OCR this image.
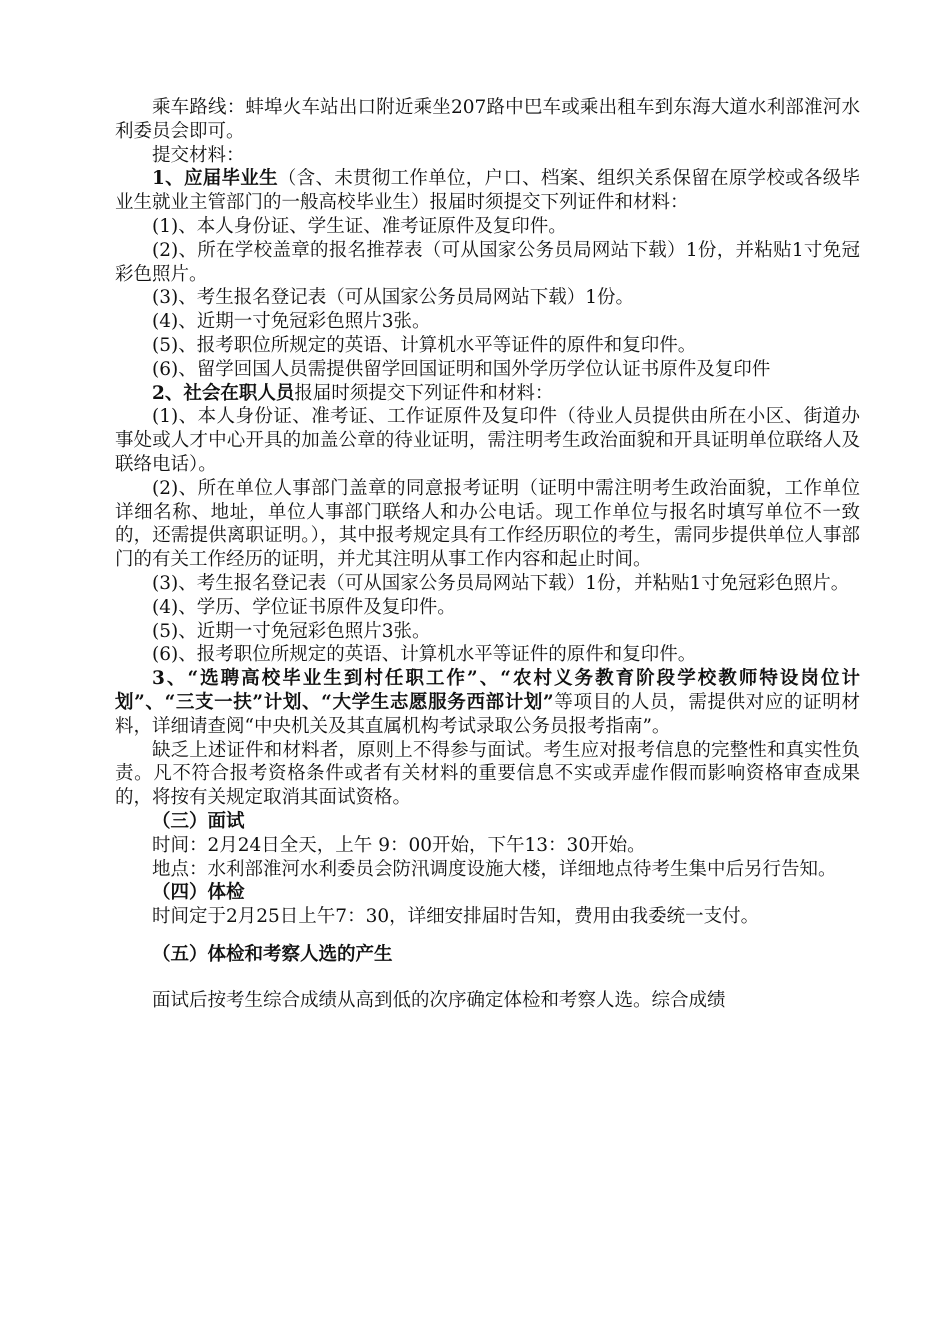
乘车路线：蚌埠火车站出口附近乘坐207路中巴车或乘出租车到东海大道水利部淮河水利委员会即可。

提交材料：

1、应届毕业生（含、未贯彻工作单位，户口、档案、组织关系保留在原学校或各级毕业生就业主管部门的一般高校毕业生）报届时须提交下列证件和材料：

(1)、本人身份证、学生证、准考证原件及复印件。

(2)、所在学校盖章的报名推荐表（可从国家公务员局网站下载）1份，并粘贴1寸免冠彩色照片。

(3)、考生报名登记表（可从国家公务员局网站下载）1份。

(4)、近期一寸免冠彩色照片3张。

(5)、报考职位所规定的英语、计算机水平等证件的原件和复印件。

(6)、留学回国人员需提供留学回国证明和国外学历学位认证书原件及复印件

2、社会在职人员报届时须提交下列证件和材料：

(1)、本人身份证、准考证、工作证原件及复印件（待业人员提供由所在小区、街道办事处或人才中心开具的加盖公章的待业证明，需注明考生政治面貌和开具证明单位联络人及联络电话）。

(2)、所在单位人事部门盖章的同意报考证明（证明中需注明考生政治面貌，工作单位详细名称、地址，单位人事部门联络人和办公电话。现工作单位与报名时填写单位不一致的，还需提供离职证明。），其中报考规定具有工作经历职位的考生，需同步提供单位人事部门的有关工作经历的证明，并尤其注明从事工作内容和起止时间。

(3)、考生报名登记表（可从国家公务员局网站下载）1份，并粘贴1寸免冠彩色照片。

(4)、学历、学位证书原件及复印件。

(5)、近期一寸免冠彩色照片3张。

(6)、报考职位所规定的英语、计算机水平等证件的原件和复印件。

3、“选聘高校毕业生到村任职工作”、“农村义务教育阶段学校教师特设岗位计划”、“三支一扶”计划、“大学生志愿服务西部计划”等项目的人员，需提供对应的证明材料，详细请查阅“中央机关及其直属机构考试录取公务员报考指南”。

缺乏上述证件和材料者，原则上不得参与面试。考生应对报考信息的完整性和真实性负责。凡不符合报考资格条件或者有关材料的重要信息不实或弄虚作假而影响资格审查成果的，将按有关规定取消其面试资格。

（三）面试

时间：2月24日全天，上午 9：00开始，下午13：30开始。

地点：水利部淮河水利委员会防汛调度设施大楼，详细地点待考生集中后另行告知。

（四）体检

时间定于2月25日上午7：30，详细安排届时告知，费用由我委统一支付。

（五）体检和考察人选的产生

面试后按考生综合成绩从高到低的次序确定体检和考察人选。综合成绩
